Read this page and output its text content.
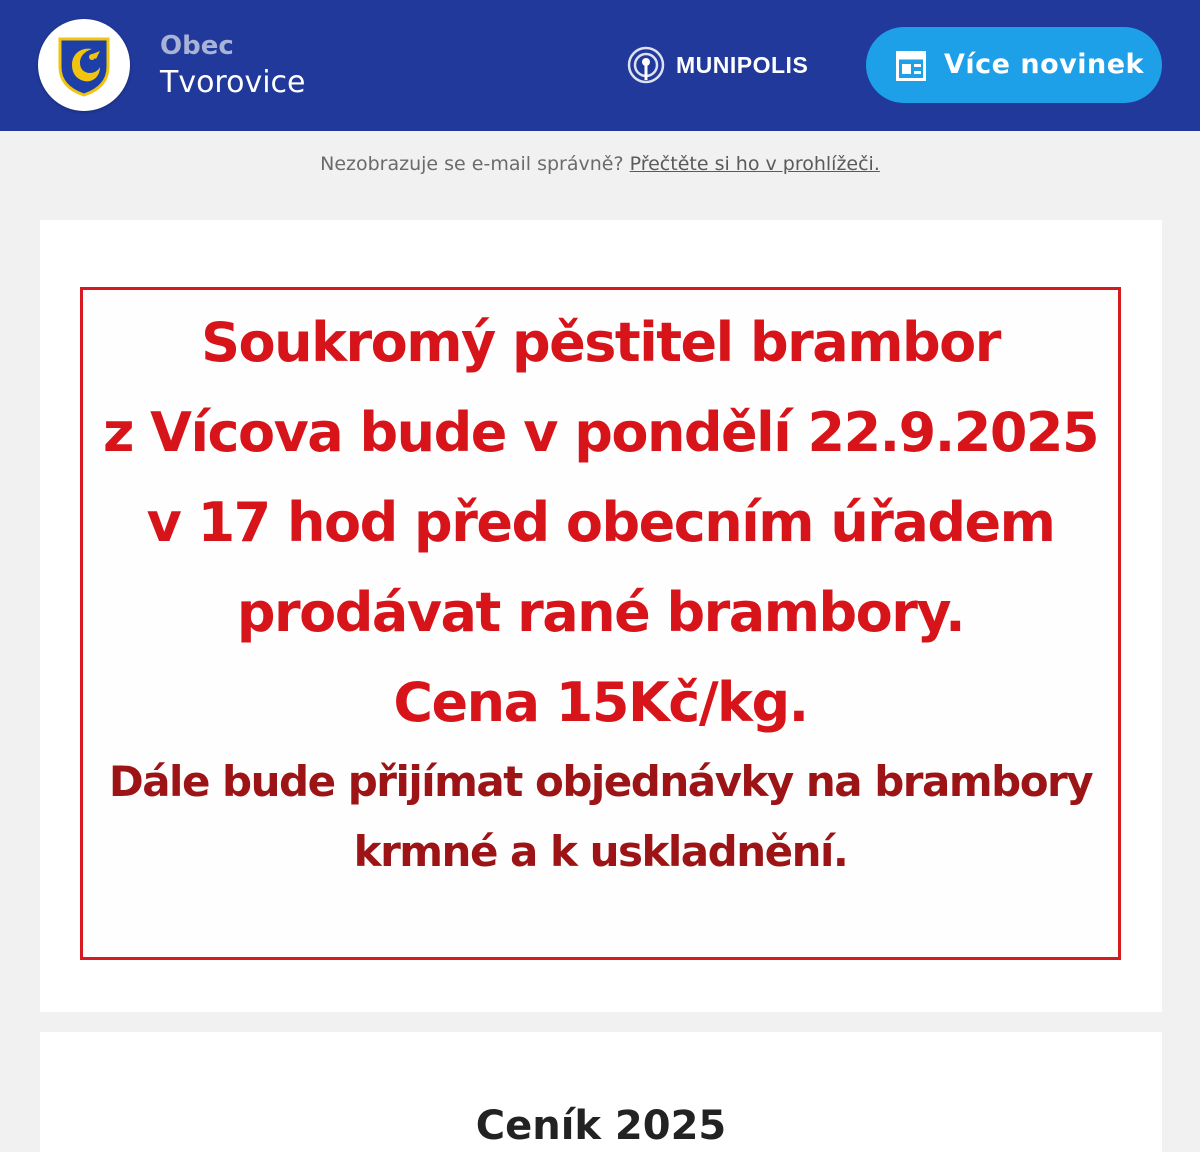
Obec
Tvorovice
MUNIPOLIS	Více novinek
Nezobrazuje se e-mail správně? Přečtěte si ho v prohlížeči.
Soukromý pěstitel brambor
z Vícova bude v pondělí 22.9.2025
v 17 hod před obecním úřadem
prodávat rané brambory.
Cena 15Kč/kg.
Dále bude přijímat objednávky na brambory
krmné a k uskladnění.
Ceník 2025
